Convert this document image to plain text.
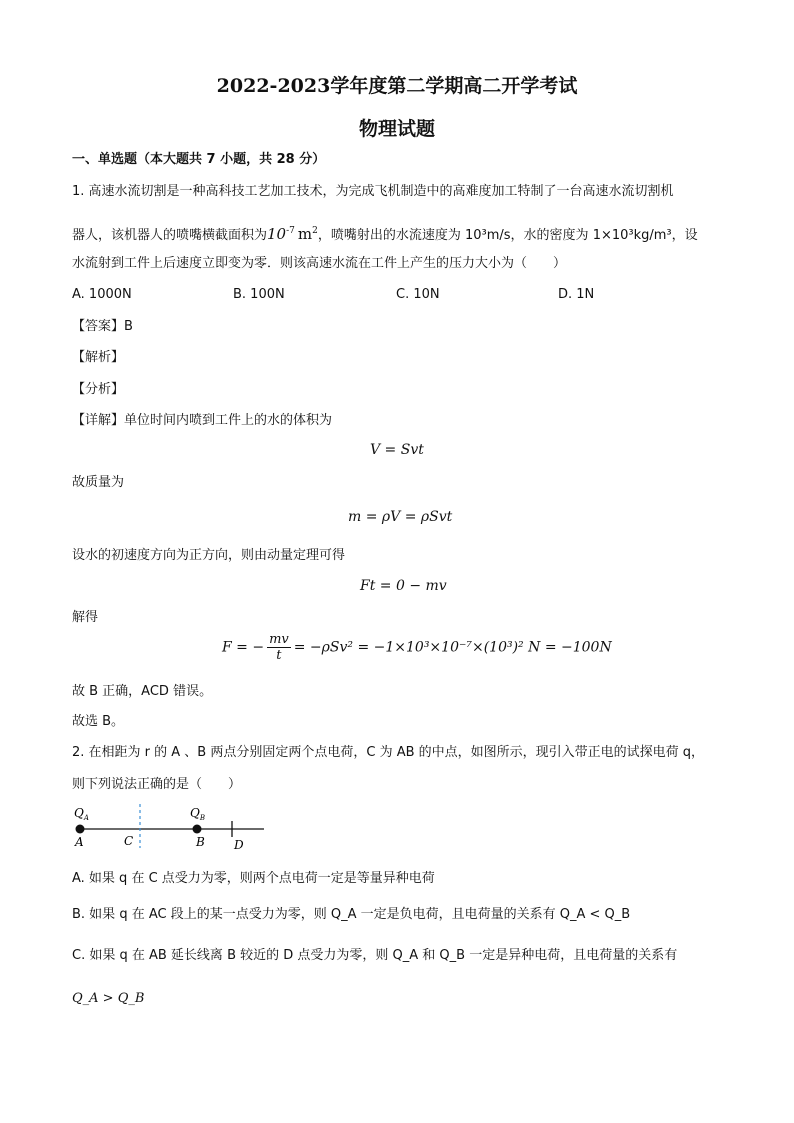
2022-2023学年度第二学期高二开学考试
物理试题
一、单选题（本大题共 7 小题，共 28 分）
1. 高速水流切割是一种高科技工艺加工技术，为完成飞机制造中的高难度加工特制了一台高速水流切割机
器人，该机器人的喷嘴横截面积为$10^{-7}$ $m^2$，喷嘴射出的水流速度为 10³m/s，水的密度为 1×10³kg/m³，设
水流射到工件上后速度立即变为零．则该高速水流在工件上产生的压力大小为（　　）
A. 1000N	B. 100N	C. 10N	D. 1N
【答案】B
【解析】
【分析】
【详解】单位时间内喷到工件上的水的体积为
V = Svt
故质量为
m = ρV = ρSvt
设水的初速度方向为正方向，则由动量定理可得
Ft = 0 − mv
解得
F = − $\frac{mv}{t} = -\rho Sv^2 = -1\times 10^3\times 10^{-7}\times(10^3)^2$ N = −100N
故 B 正确，ACD 错误。
故选 B。
2. 在相距为 r 的 A 、B 两点分别固定两个点电荷，C 为 AB 的中点，如图所示，现引入带正电的试探电荷 q，
则下列说法正确的是（　　）
$Q_A$	$Q_B$
A	C	B D
A. 如果 q 在 C 点受力为零，则两个点电荷一定是等量异种电荷
B. 如果 q 在 AC 段上的某一点受力为零，则 Q_A 一定是负电荷，且电荷量的关系有 Q_A < Q_B
C. 如果 q 在 AB 延长线离 B 较近的 D 点受力为零，则 Q_A 和 Q_B 一定是异种电荷，且电荷量的关系有
Q_A > Q_B
